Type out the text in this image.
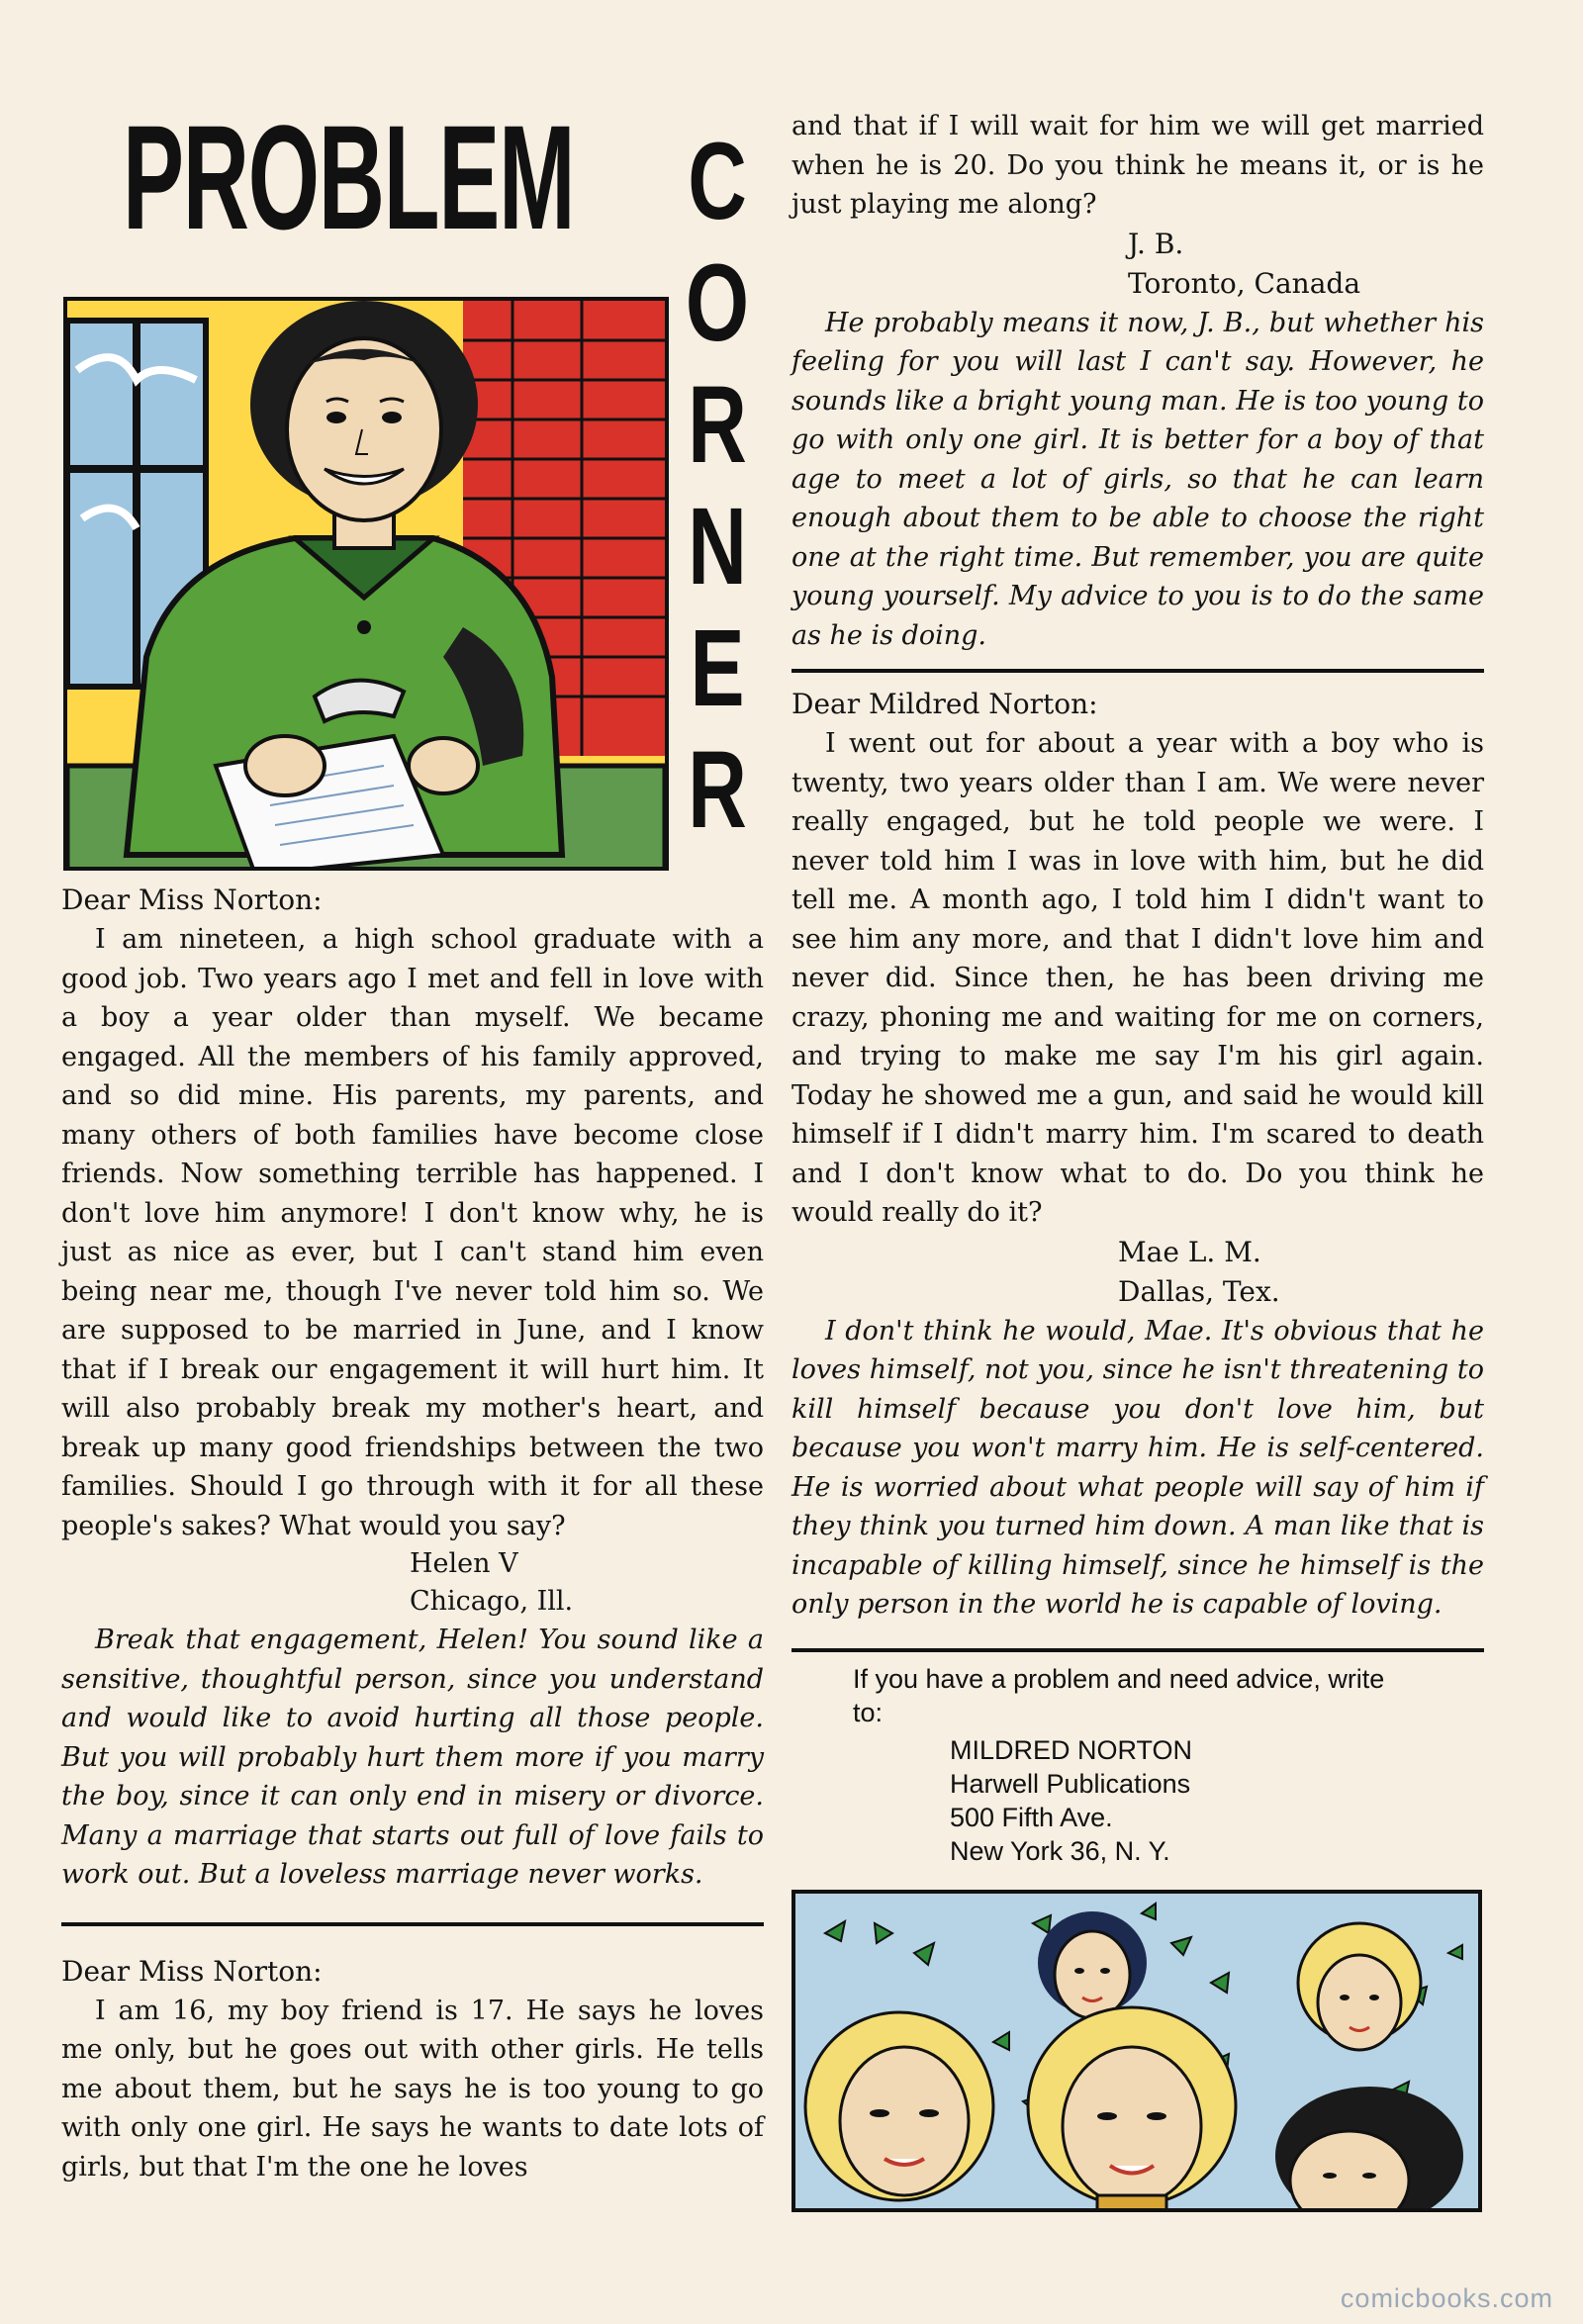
PROBLEM C
O
R
N
E
R

Dear Miss Norton:

I am nineteen, a high school graduate with a good job. Two years ago I met and fell in love with a boy a year older than myself. We became engaged. All the members of his family approved, and so did mine. His parents, my parents, and many others of both families have become close friends. Now something terrible has happened. I don't love him anymore! I don't know why, he is just as nice as ever, but I can't stand him even being near me, though I've never told him so. We are supposed to be married in June, and I know that if I break our engagement it will hurt him. It will also probably break my mother's heart, and break up many good friendships between the two families. Should I go through with it for all these people's sakes? What would you say?

Helen V

Chicago, Ill.

Break that engagement, Helen! You sound like a sensitive, thoughtful person, since you understand and would like to avoid hurting all those people. But you will probably hurt them more if you marry the boy, since it can only end in misery or divorce. Many a marriage that starts out full of love fails to work out. But a loveless marriage never works.

Dear Miss Norton:

I am 16, my boy friend is 17. He says he loves me only, but he goes out with other girls. He tells me about them, but he says he is too young to go with only one girl. He says he wants to date lots of girls, but that I'm the one he loves

and that if I will wait for him we will get married when he is 20. Do you think he means it, or is he just playing me along?

J. B.

Toronto, Canada

He probably means it now, J. B., but whether his feeling for you will last I can't say. However, he sounds like a bright young man. He is too young to go with only one girl. It is better for a boy of that age to meet a lot of girls, so that he can learn enough about them to be able to choose the right one at the right time. But remember, you are quite young yourself. My advice to you is to do the same as he is doing.

Dear Mildred Norton:

I went out for about a year with a boy who is twenty, two years older than I am. We were never really engaged, but he told people we were. I never told him I was in love with him, but he did tell me. A month ago, I told him I didn't want to see him any more, and that I didn't love him and never did. Since then, he has been driving me crazy, phoning me and waiting for me on corners, and trying to make me say I'm his girl again. Today he showed me a gun, and said he would kill himself if I didn't marry him. I'm scared to death and I don't know what to do. Do you think he would really do it?

Mae L. M.

Dallas, Tex.

I don't think he would, Mae. It's obvious that he loves himself, not you, since he isn't threatening to kill himself because you don't love him, but because you won't marry him. He is self-centered. He is worried about what people will say of him if they think you turned him down. A man like that is incapable of killing himself, since he himself is the only person in the world he is capable of loving.

If you have a problem and need advice, write to:
MILDRED NORTON
Harwell Publications
500 Fifth Ave.
New York 36, N. Y.
comicbooks.com
